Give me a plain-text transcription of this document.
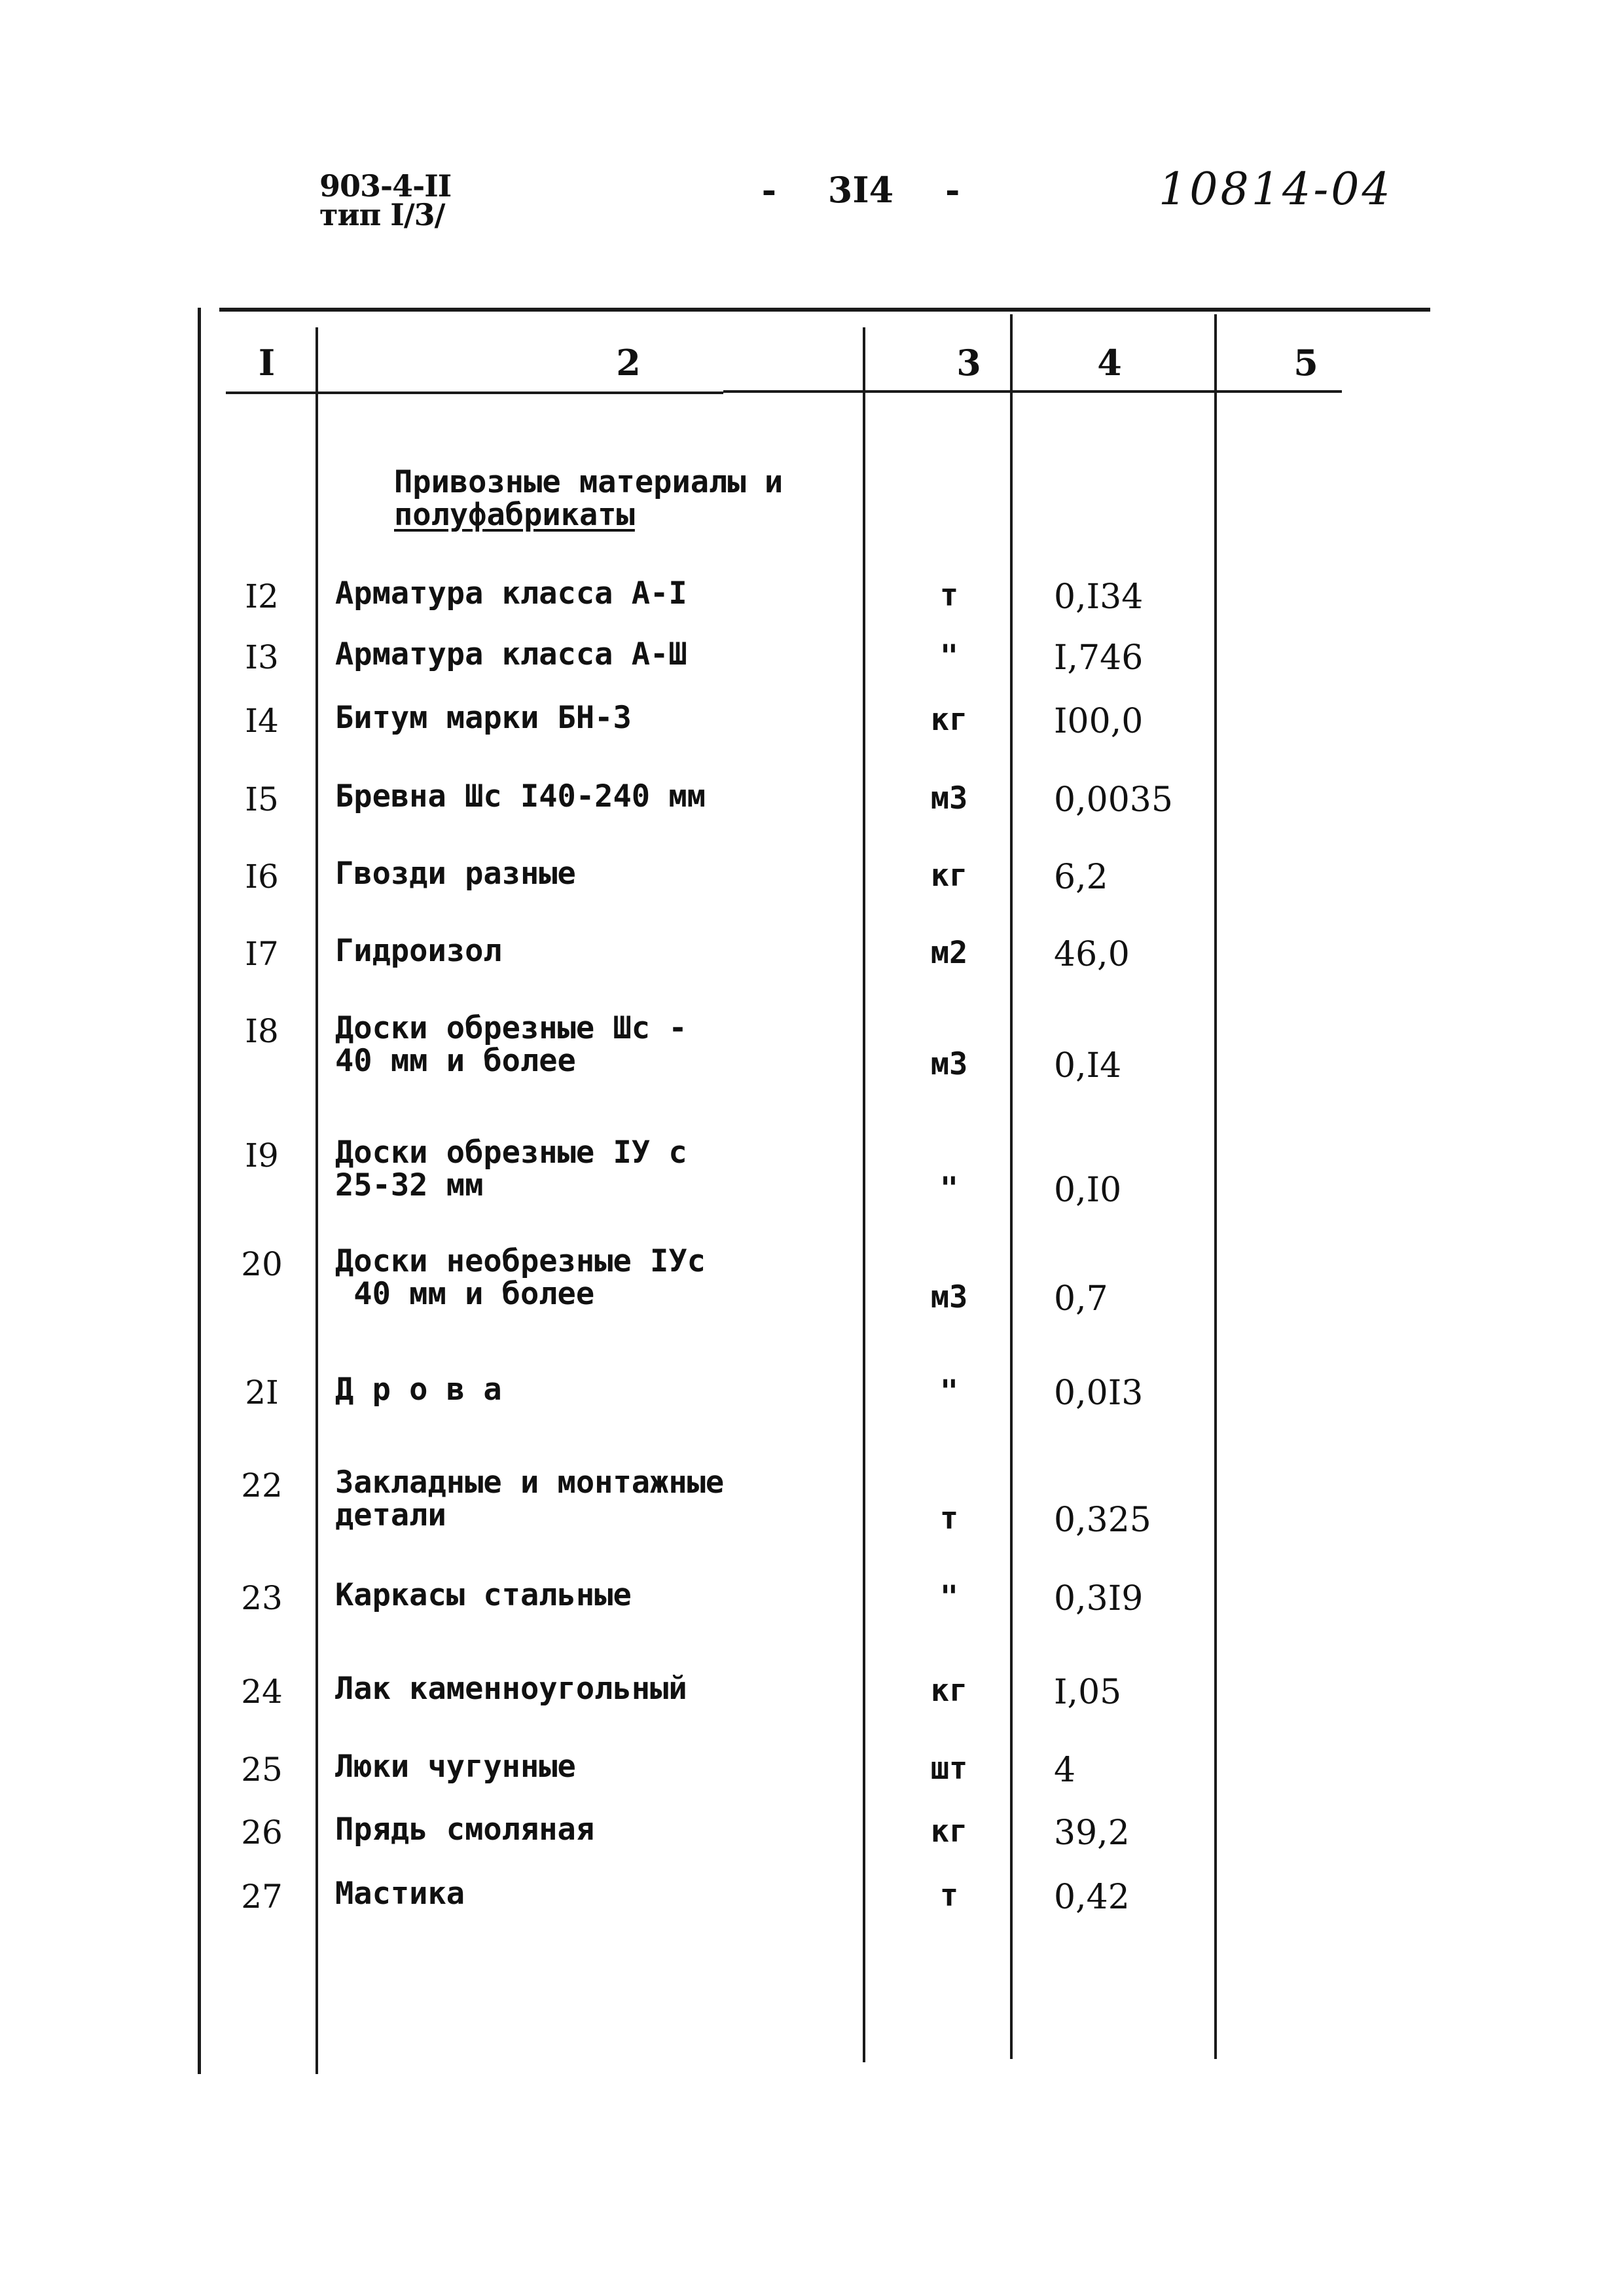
903-4-II
тип I/3/
- 3I4 -	10814-04
I	2	3	4	5
Привозные материалы и
полуфабрикаты
I2	Арматура класса А-I	т	0,I34
I3	Арматура класса А-Ш	"	I,746
I4	Битум марки БН-3	кг	I00,0
I5	Бревна Шс I40-240 мм	м3	0,0035
I6	Гвозди разные	кг	6,2
I7	Гидроизол	м2	46,0
I8	Доски обрезные Шс -
40 мм и более	м3	0,I4
I9	Доски обрезные IУ с
25-32 мм	"	0,I0
20	Доски необрезные IУс
40 мм и более	м3	0,7
2I	Д р о в а	"	0,0I3
22	Закладные и монтажные
детали	т	0,325
23	Каркасы стальные	"	0,3I9
24	Лак каменноугольный	кг	I,05
25	Люки чугунные	шт	4
26	Прядь смоляная	кг	39,2
27	Мастика	т	0,42
